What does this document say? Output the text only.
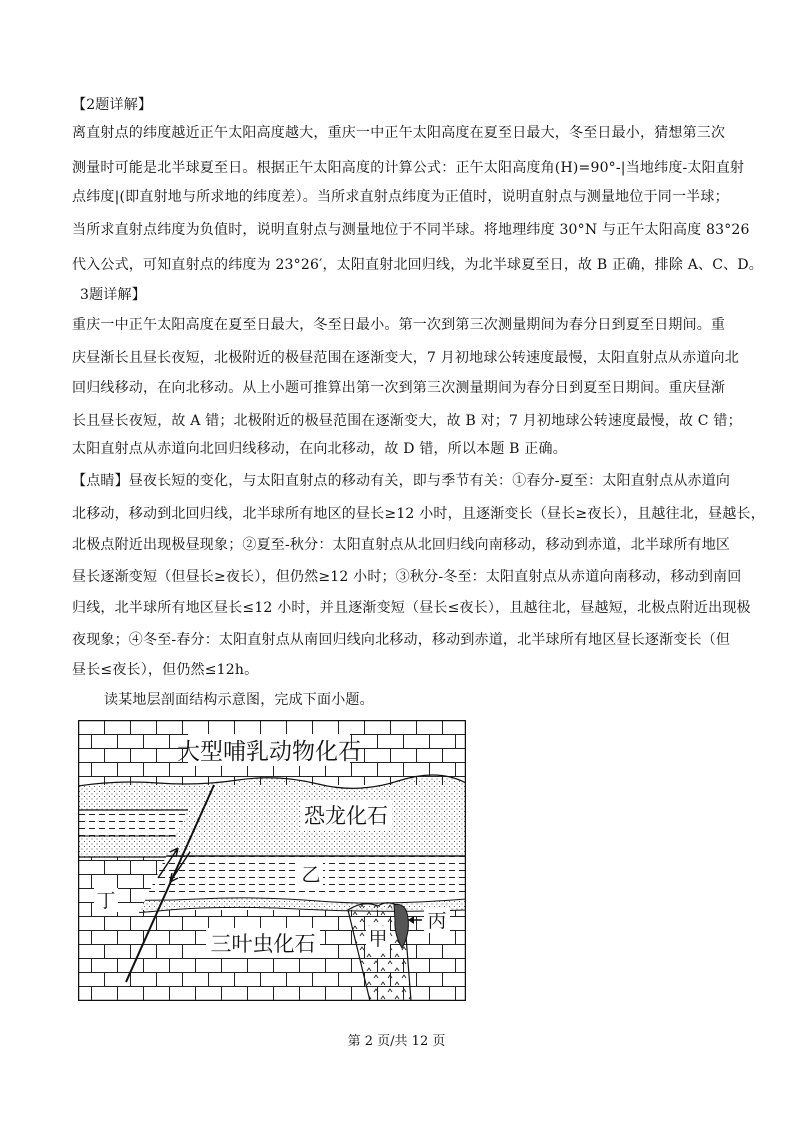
【2题详解】
离直射点的纬度越近正午太阳高度越大，重庆一中正午太阳高度在夏至日最大，冬至日最小，猜想第三次
测量时可能是北半球夏至日。根据正午太阳高度的计算公式：正午太阳高度角(H)=90°-|当地纬度-太阳直射
点纬度|(即直射地与所求地的纬度差）。当所求直射点纬度为正值时，说明直射点与测量地位于同一半球；
当所求直射点纬度为负值时，说明直射点与测量地位于不同半球。将地理纬度 30°N 与正午太阳高度 83°26
代入公式，可知直射点的纬度为 23°26′，太阳直射北回归线，为北半球夏至日，故 B 正确，排除 A、C、D。
3题详解】
重庆一中正午太阳高度在夏至日最大，冬至日最小。第一次到第三次测量期间为春分日到夏至日期间。重
庆昼渐长且昼长夜短，北极附近的极昼范围在逐渐变大，7 月初地球公转速度最慢，太阳直射点从赤道向北
回归线移动，在向北移动。从上小题可推算出第一次到第三次测量期间为春分日到夏至日期间。重庆昼渐
长且昼长夜短，故 A 错；北极附近的极昼范围在逐渐变大，故 B 对；7 月初地球公转速度最慢，故 C 错；
太阳直射点从赤道向北回归线移动，在向北移动，故 D 错，所以本题 B 正确。
【点睛】昼夜长短的变化，与太阳直射点的移动有关，即与季节有关：①春分-夏至：太阳直射点从赤道向
北移动，移动到北回归线，北半球所有地区的昼长≥12 小时，且逐渐变长（昼长≥夜长），且越往北，昼越长，
北极点附近出现极昼现象；②夏至-秋分：太阳直射点从北回归线向南移动，移动到赤道，北半球所有地区
昼长逐渐变短（但昼长≥夜长），但仍然≥12 小时；③秋分-冬至：太阳直射点从赤道向南移动，移动到南回
归线，北半球所有地区昼长≤12 小时，并且逐渐变短（昼长≤夜长），且越往北，昼越短，北极点附近出现极
夜现象；④冬至-春分：太阳直射点从南回归线向北移动，移动到赤道，北半球所有地区昼长逐渐变长（但
昼长≤夜长），但仍然≤12h。
读某地层剖面结构示意图，完成下面小题。
大型哺乳动物化石
恐龙化石
乙
丁
三叶虫化石	甲
丙
第 2 页/共 12 页
